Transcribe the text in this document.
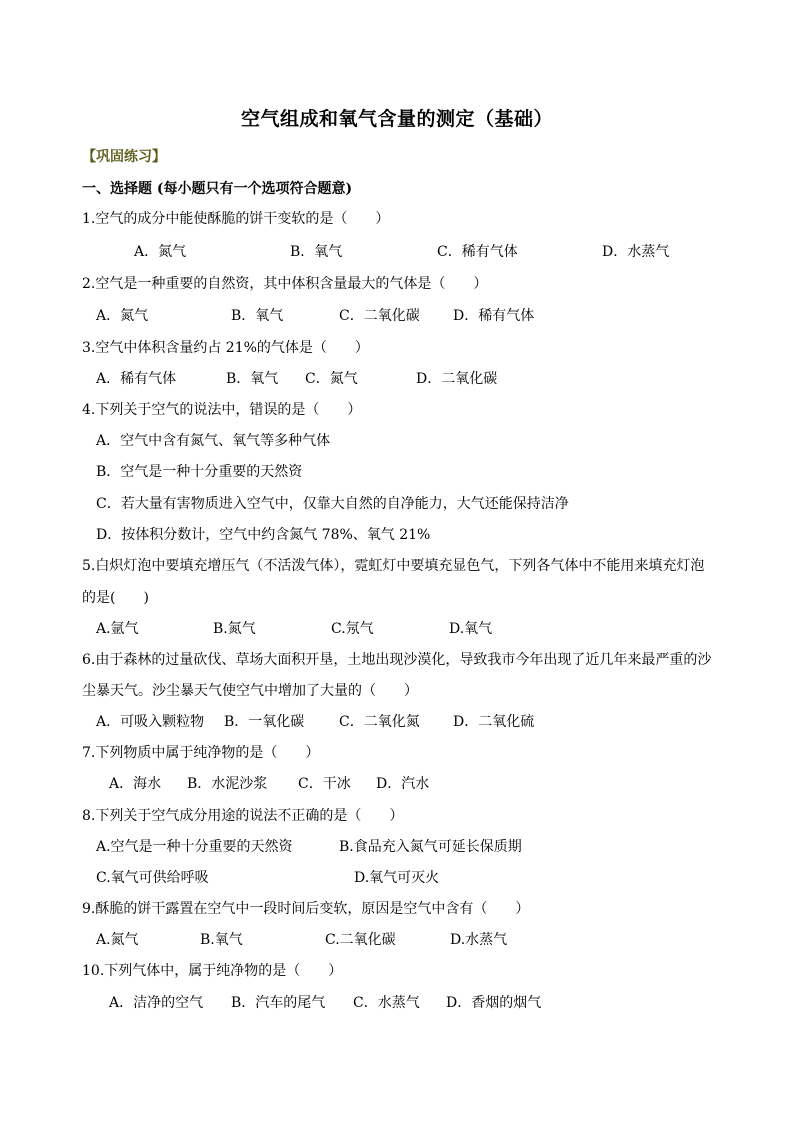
空气组成和氧气含量的测定（基础）
【巩固练习】
一、选择题 (每小题只有一个选项符合题意)
1.空气的成分中能使酥脆的饼干变软的是（　　）
A．氮气	B．氧气	C．稀有气体	D．水蒸气
2.空气是一种重要的自然资，其中体积含量最大的气体是（　　）
A．氮气	B．氧气	C．二氧化碳 D．稀有气体
3.空气中体积含量约占 21%的气体是（　　）
A．稀有气体	B．氧气 C．氮气	D．二氧化碳
4.下列关于空气的说法中，错误的是（　　）
A．空气中含有氮气、氧气等多种气体
B．空气是一种十分重要的天然资
C．若大量有害物质进入空气中，仅靠大自然的自净能力，大气还能保持洁净
D．按体积分数计，空气中约含氮气 78%、氧气 21%
5.白炽灯泡中要填充增压气（不活泼气体），霓虹灯中要填充显色气，下列各气体中不能用来填充灯泡
的是(　　)
A.氩气	B.氮气	C.氖气	D.氧气
6.由于森林的过量砍伐、草场大面积开垦，土地出现沙漠化，导致我市今年出现了近几年来最严重的沙
尘暴天气。沙尘暴天气使空气中增加了大量的（　　）
A．可吸入颗粒物 B．一氧化碳 C．二氧化氮 D．二氧化硫
7.下列物质中属于纯净物的是（　　）
A．海水 B．水泥沙浆 C．干冰 D．汽水
8.下列关于空气成分用途的说法不正确的是（　　）
A.空气是一种十分重要的天然资	B.食品充入氮气可延长保质期
C.氧气可供给呼吸	D.氧气可灭火
9.酥脆的饼干露置在空气中一段时间后变软，原因是空气中含有（　　）
A.氮气	B.氧气	C.二氧化碳	D.水蒸气
10.下列气体中，属于纯净物的是（　　）
A．洁净的空气 B．汽车的尾气 C．水蒸气 D．香烟的烟气
